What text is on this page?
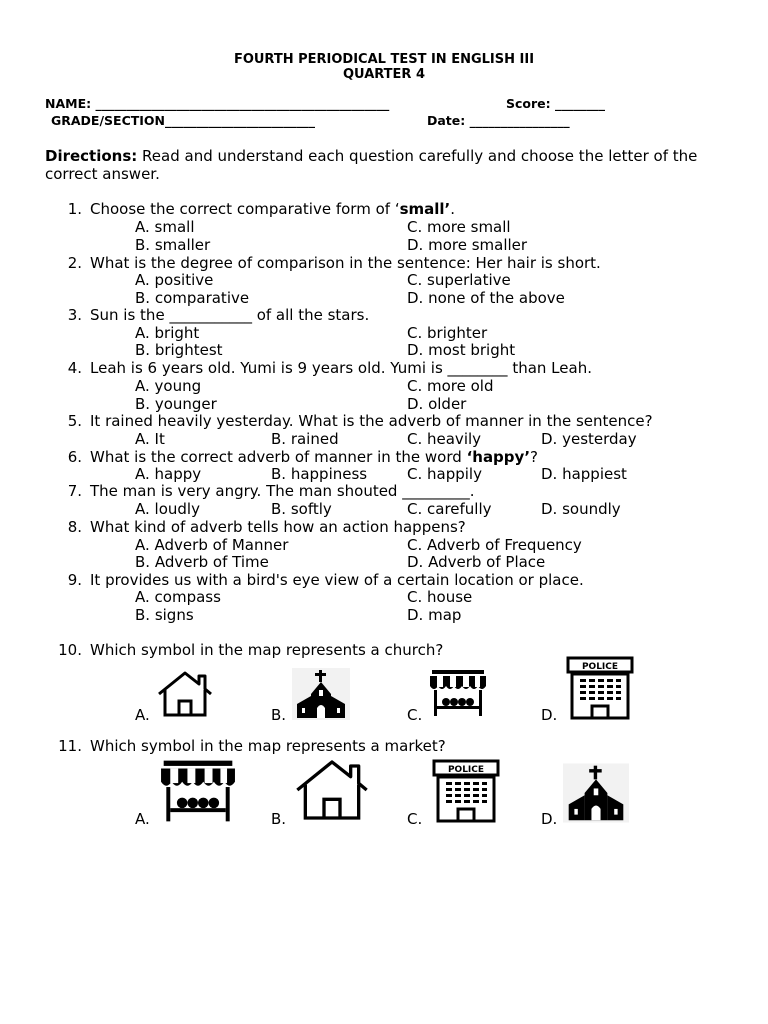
FOURTH PERIODICAL TEST IN ENGLISH III
QUARTER 4
NAME: _______________________________________________	Score: ________
GRADE/SECTION________________________	Date: ________________
Directions: Read and understand each question carefully and choose the letter of the
correct answer.
1. Choose the correct comparative form of ‘small’.
A. small
B. smaller
C. more small
D. more smaller
2. What is the degree of comparison in the sentence: Her hair is short.
A. positive
B. comparative
C. superlative
D. none of the above
3. Sun is the ___________ of all the stars.
A. bright
B. brightest
C. brighter
D. most bright
4. Leah is 6 years old. Yumi is 9 years old. Yumi is ________ than Leah.
A. young
B. younger
C. more old
D. older
5. It rained heavily yesterday. What is the adverb of manner in the sentence?
A. It	B. rained	C. heavily	D. yesterday
6. What is the correct adverb of manner in the word ‘happy’?
A. happy	B. happiness	C. happily	D. happiest
7. The man is very angry. The man shouted _________.
A. loudly	B. softly	C. carefully	D. soundly
8. What kind of adverb tells how an action happens?
A. Adverb of Manner
B. Adverb of Time
C. Adverb of Frequency
D. Adverb of Place
9. It provides us with a bird's eye view of a certain location or place.
A. compass
B. signs
C. house
D. map
10. Which symbol in the map represents a church?
A.	B.	C.	D.
POLICE
11. Which symbol in the map represents a market?
A.	B.	C.	D.
POLICE
